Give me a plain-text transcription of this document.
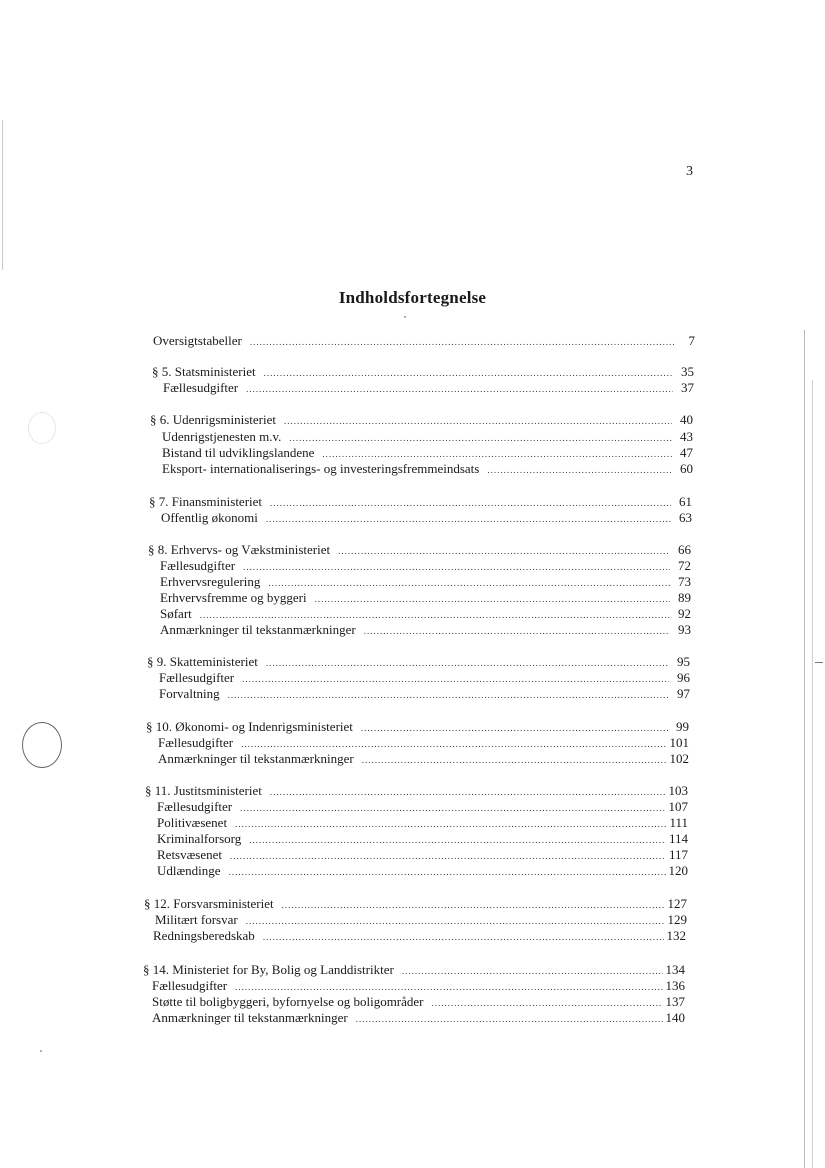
3
Indholdsfortegnelse
Oversigtstabeller .....	7
§ 5. Statsministeriet .....	35
Fællesudgifter .....	37
§ 6. Udenrigsministeriet .....	40
Udenrigstjenesten m.v. .....	43
Bistand til udviklingslandene .....	47
Eksport- internationaliserings- og investeringsfremmeindsats .....	60
§ 7. Finansministeriet .....	61
Offentlig økonomi .....	63
§ 8. Erhvervs- og Vækstministeriet .....	66
Fællesudgifter .....	72
Erhvervsregulering .....	73
Erhvervsfremme og byggeri .....	89
Søfart .....	92
Anmærkninger til tekstanmærkninger .....	93
§ 9. Skatteministeriet .....	95
Fællesudgifter .....	96
Forvaltning .....	97
§ 10. Økonomi- og Indenrigsministeriet .....	99
Fællesudgifter .....	101
Anmærkninger til tekstanmærkninger .....	102
§ 11. Justitsministeriet .....	103
Fællesudgifter .....	107
Politivæsenet .....	111
Kriminalforsorg .....	114
Retsvæsenet .....	117
Udlændinge .....	120
§ 12. Forsvarsministeriet .....	127
Militært forsvar .....	129
Redningsberedskab .....	132
§ 14. Ministeriet for By, Bolig og Landdistrikter .....	134
Fællesudgifter .....	136
Støtte til boligbyggeri, byfornyelse og boligområder .....	137
Anmærkninger til tekstanmærkninger .....	140
